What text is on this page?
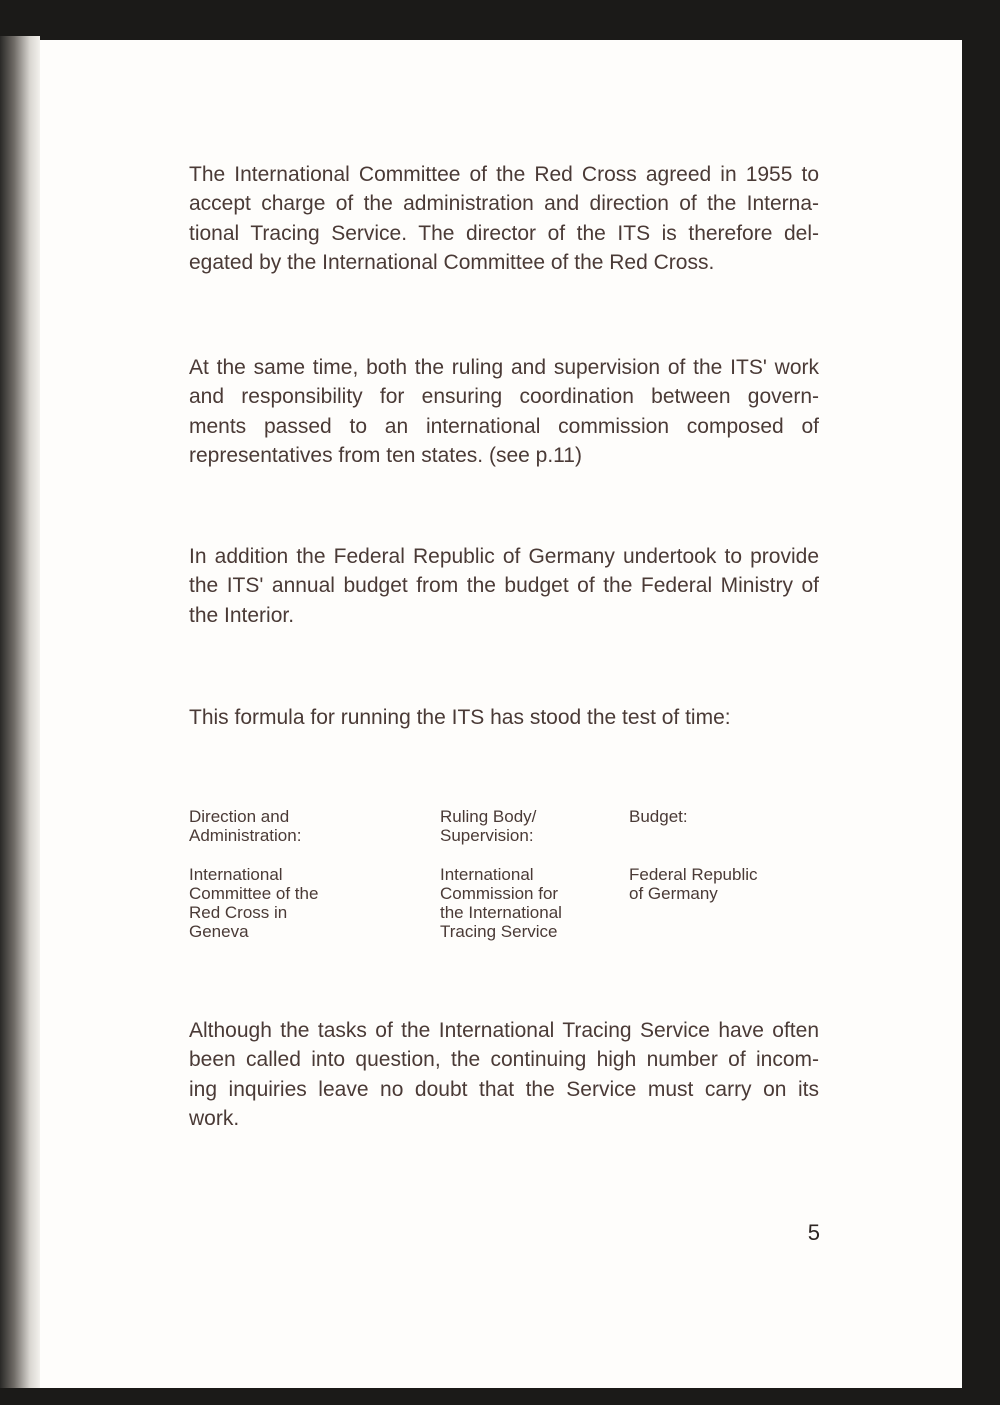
The International Committee of the Red Cross agreed in 1955 to
accept charge of the administration and direction of the Interna-
tional Tracing Service. The director of the ITS is therefore del-
egated by the International Committee of the Red Cross.
At the same time, both the ruling and supervision of the ITS' work
and responsibility for ensuring coordination between govern-
ments passed to an international commission composed of
representatives from ten states. (see p.11)
In addition the Federal Republic of Germany undertook to provide
the ITS' annual budget from the budget of the Federal Ministry of
the Interior.
This formula for running the ITS has stood the test of time:
Direction and
Administration:
International
Committee of the
Red Cross in
Geneva
Ruling Body/
Supervision:
International
Commission for
the International
Tracing Service
Budget:
Federal Republic
of Germany
Although the tasks of the International Tracing Service have often
been called into question, the continuing high number of incom-
ing inquiries leave no doubt that the Service must carry on its
work.
5
